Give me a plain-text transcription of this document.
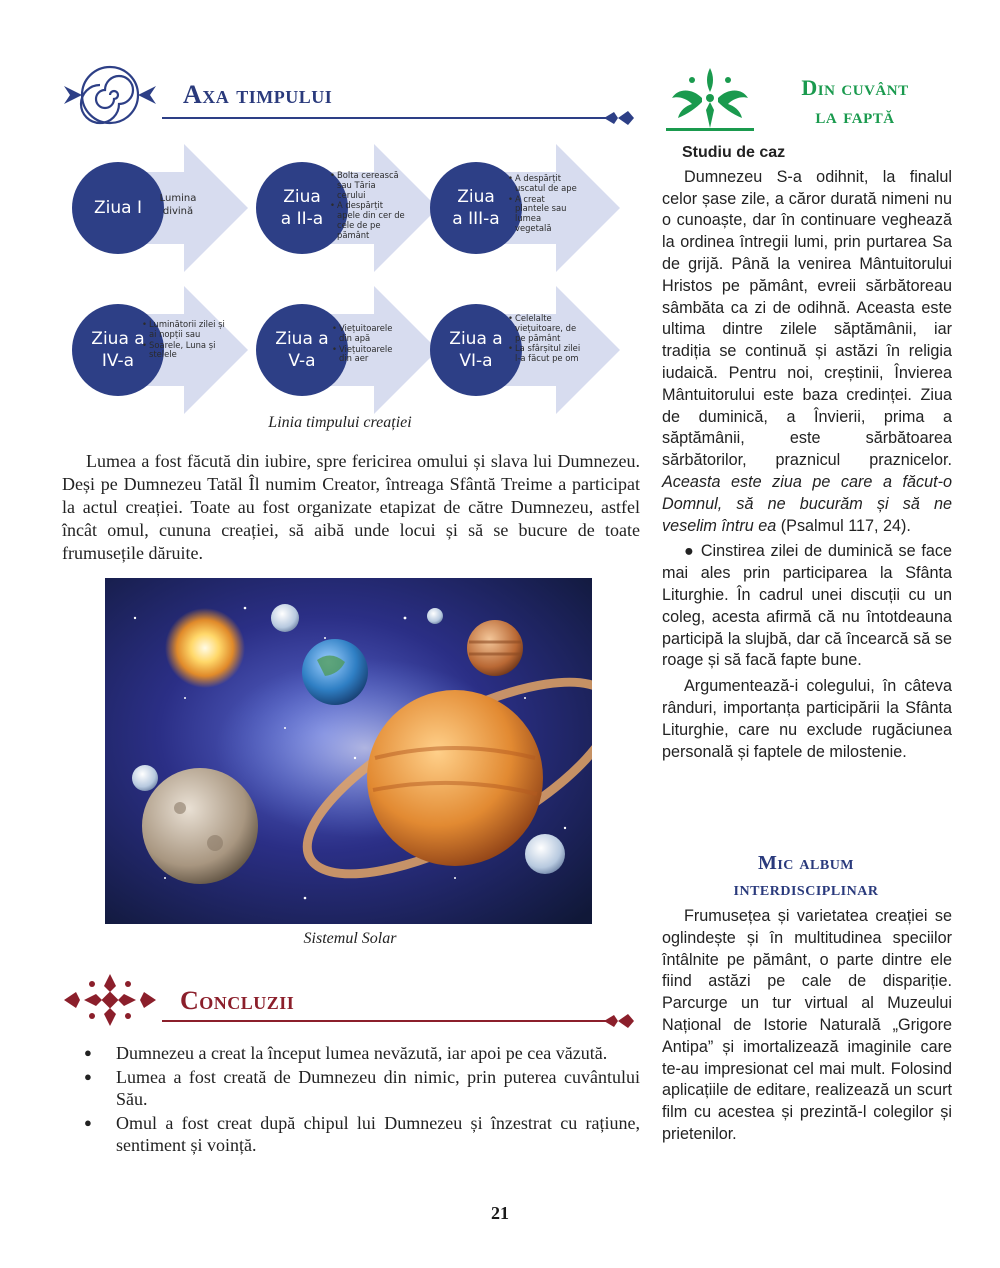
Axa timpului
Ziua I	Lumina
divină
Ziua
a II-a
• Bolta cerească sau Tăria cerului
• A despărțit apele din cer de cele de pe pământ
Ziua
a III-a
• A despărțit uscatul de ape
• A creat plantele sau lumea vegetală
Ziua a
IV-a
• Luminătorii zilei și ai nopții sau
• Soarele, Luna și stelele
Ziua a
V-a
• Viețuitoarele din apă
• Viețuitoarele din aer
Ziua a
VI-a
• Celelalte viețuitoare, de pe pământ
• La sfârșitul zilei l-a făcut pe om
Linia timpului creației

Lumea a fost făcută din iubire, spre fericirea omului și slava lui Dumnezeu. Deși pe Dumnezeu Tatăl Îl numim Creator, întreaga Sfântă Treime a participat la actul creației. Toate au fost organizate etapizat de către Dumnezeu, astfel încât omul, cununa creației, să aibă unde locui și să se bucure de toate frumusețile dăruite.

Sistemul Solar
Concluzii
● Dumnezeu a creat la început lumea nevăzută, iar apoi pe cea văzută.
● Lumea a fost creată de Dumnezeu din nimic, prin puterea cuvântului Său.
● Omul a fost creat după chipul lui Dumnezeu și înzestrat cu rațiune, sentiment și voință.
Din cuvânt
la faptă
Studiu de caz

Dumnezeu S-a odihnit, la finalul celor șase zile, a căror durată nimeni nu o cunoaște, dar în continuare veghează la ordinea întregii lumi, prin purtarea Sa de grijă. Până la venirea Mântuitorului Hristos pe pământ, evreii sărbătoreau sâmbăta ca zi de odihnă. Aceasta este ultima dintre zilele săptămânii, iar tradiția se continuă și astăzi în religia iudaică. Pentru noi, creștinii, Învierea Mântuitorului este baza credinței. Ziua de duminică, a Învierii, prima a săptămânii, este sărbătoarea sărbătorilor, praznicul praznicelor. Aceasta este ziua pe care a făcut-o Domnul, să ne bucurăm și să ne veselim întru ea (Psalmul 117, 24).

● Cinstirea zilei de duminică se face mai ales prin participarea la Sfânta Liturghie. În cadrul unei discuții cu un coleg, acesta afirmă că nu întotdeauna participă la slujbă, dar că încearcă să se roage și să facă fapte bune.

Argumentează-i colegului, în câteva rânduri, importanța participării la Sfânta Liturghie, care nu exclude rugăciunea personală și faptele de milostenie.

Mic album
interdisciplinar

Frumusețea și varietatea creației se oglindește și în multitudinea speciilor întâlnite pe pământ, o parte dintre ele fiind astăzi pe cale de dispariție. Parcurge un tur virtual al Muzeului Național de Istorie Naturală „Grigore Antipa” și imortalizează imaginile care te-au impresionat cel mai mult. Folosind aplicațiile de editare, realizează un scurt film cu acestea și prezintă-l colegilor și prietenilor.

21
